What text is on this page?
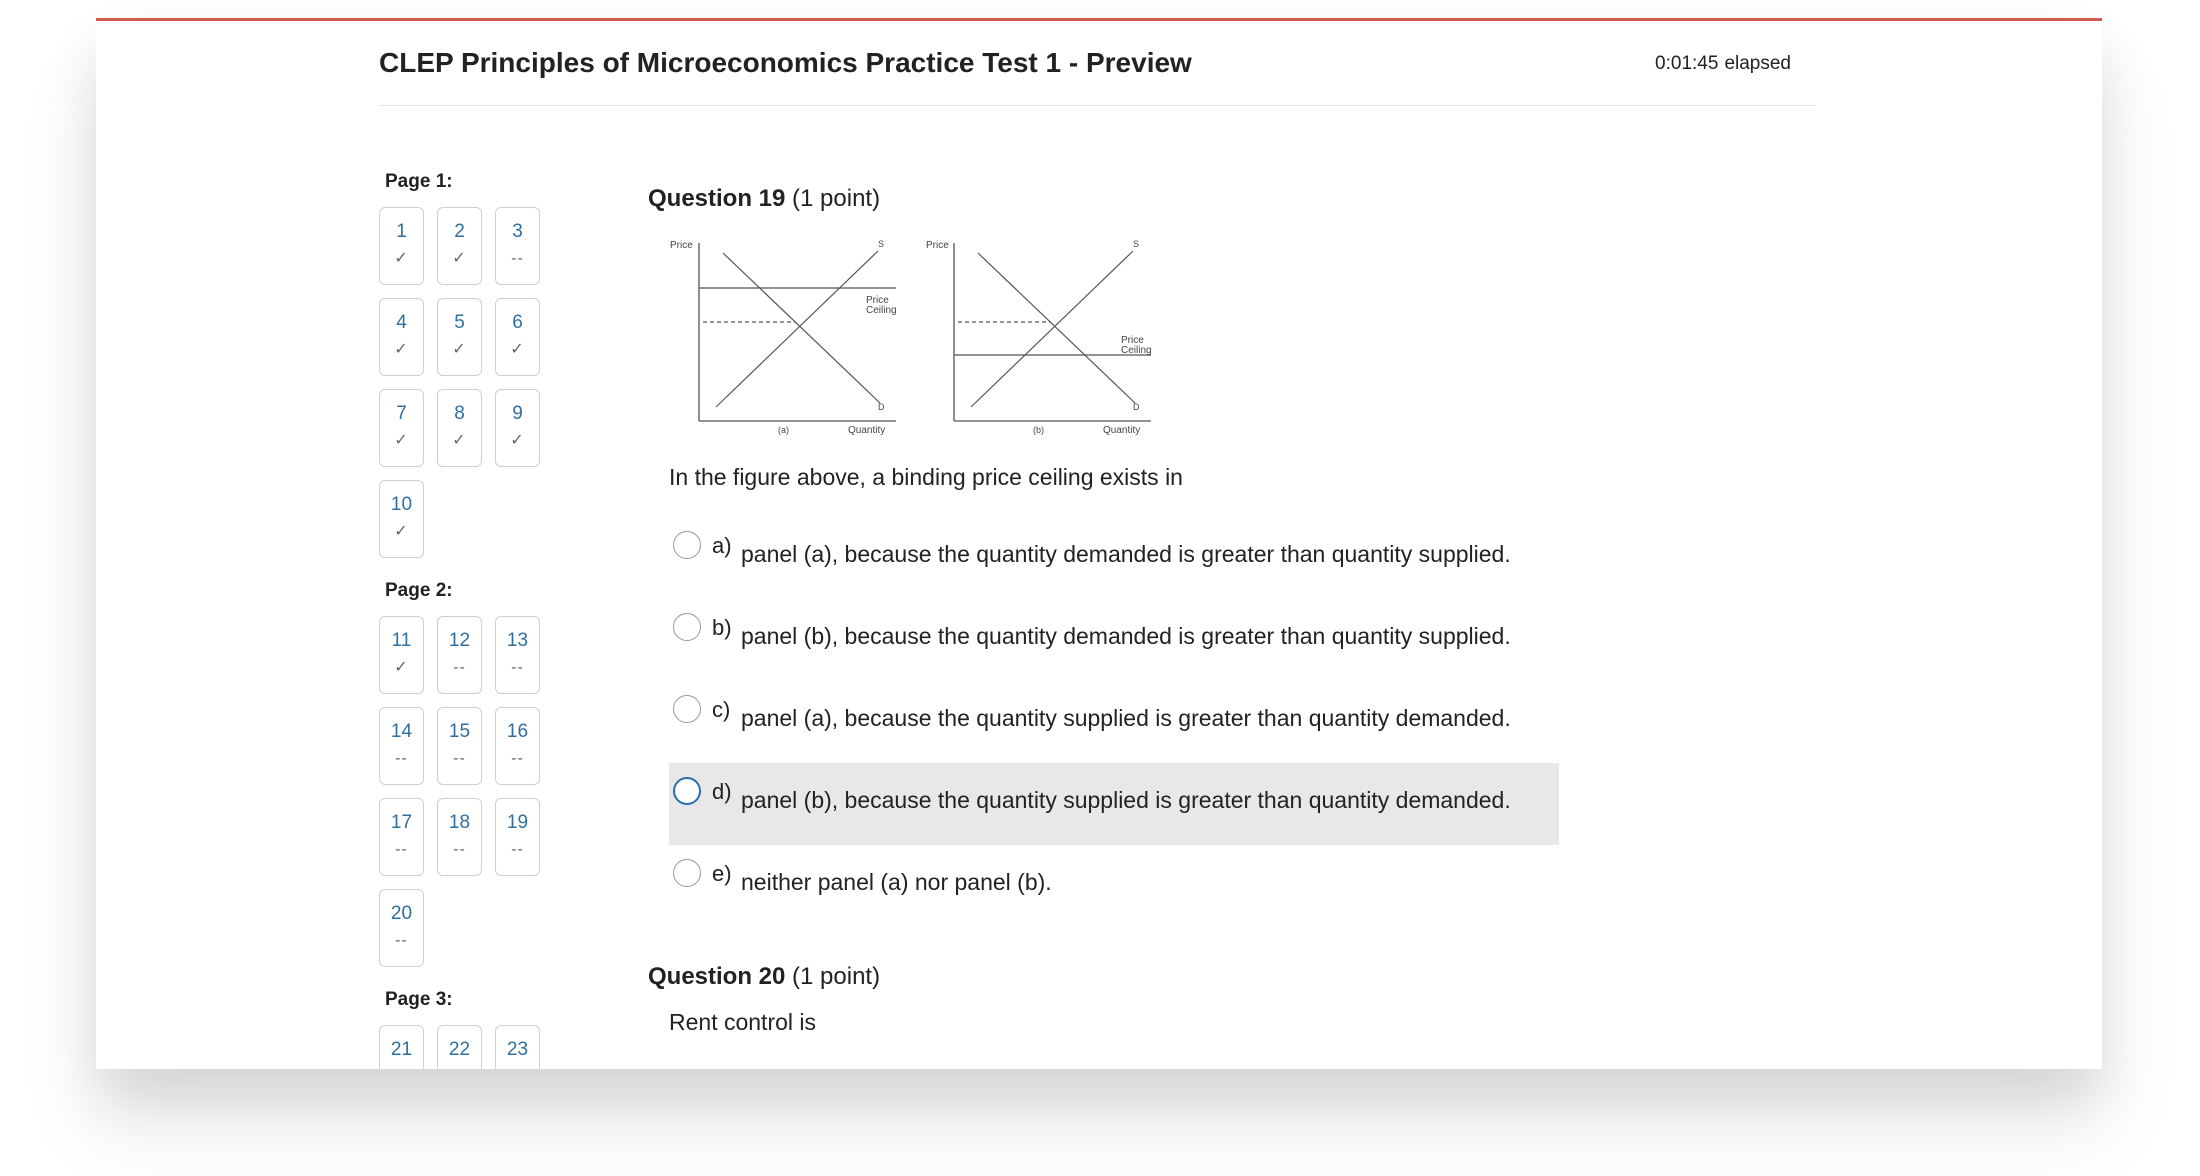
CLEP Principles of Microeconomics Practice Test 1 - Preview	0:01:45 elapsed
Page 1:
1
✓
2
✓
3
--
4
✓
5
✓
6
✓
7
✓
8
✓
9
✓
10
✓
Page 2:
11
✓
12
--
13
--
14
--
15
--
16
--
17
--
18
--
19
--
20
--
Page 3:
21	22	23
Question 19 (1 point)
Price	S
D
Price
Ceiling
(a)	Quantity
Price	S
D
Price
Ceiling
(b)	Quantity
In the figure above, a binding price ceiling exists in
a) panel (a), because the quantity demanded is greater than quantity supplied.
b) panel (b), because the quantity demanded is greater than quantity supplied.
c) panel (a), because the quantity supplied is greater than quantity demanded.
d) panel (b), because the quantity supplied is greater than quantity demanded.
e) neither panel (a) nor panel (b).
Question 20 (1 point)
Rent control is
